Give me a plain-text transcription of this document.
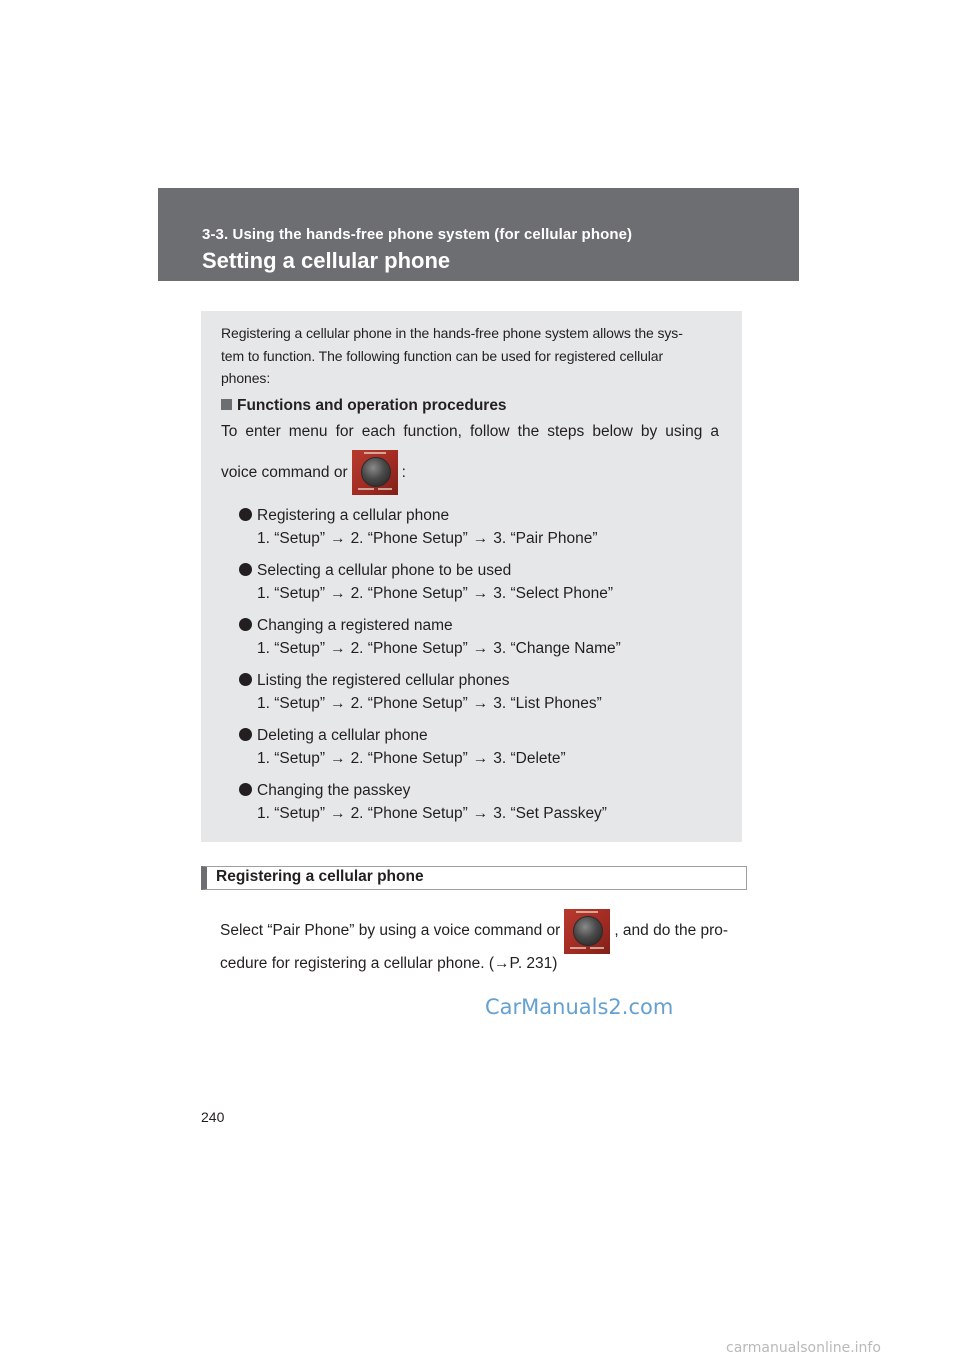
3-3. Using the hands-free phone system (for cellular phone)
Setting a cellular phone
Registering a cellular phone in the hands-free phone system allows the sys-
tem to function. The following function can be used for registered cellular
phones:
Functions and operation procedures
To enter menu for each function, follow the steps below by using a
voice command or	:
Registering a cellular phone
1. “Setup” → 2. “Phone Setup” → 3. “Pair Phone”
Selecting a cellular phone to be used
1. “Setup” → 2. “Phone Setup” → 3. “Select Phone”
Changing a registered name
1. “Setup” → 2. “Phone Setup” → 3. “Change Name”
Listing the registered cellular phones
1. “Setup” → 2. “Phone Setup” → 3. “List Phones”
Deleting a cellular phone
1. “Setup” → 2. “Phone Setup” → 3. “Delete”
Changing the passkey
1. “Setup” → 2. “Phone Setup” → 3. “Set Passkey”
Registering a cellular phone
Select “Pair Phone” by using a voice command or	, and do the pro-
cedure for registering a cellular phone. (→P. 231)
CarManuals2.com
240
carmanualsonline.info
